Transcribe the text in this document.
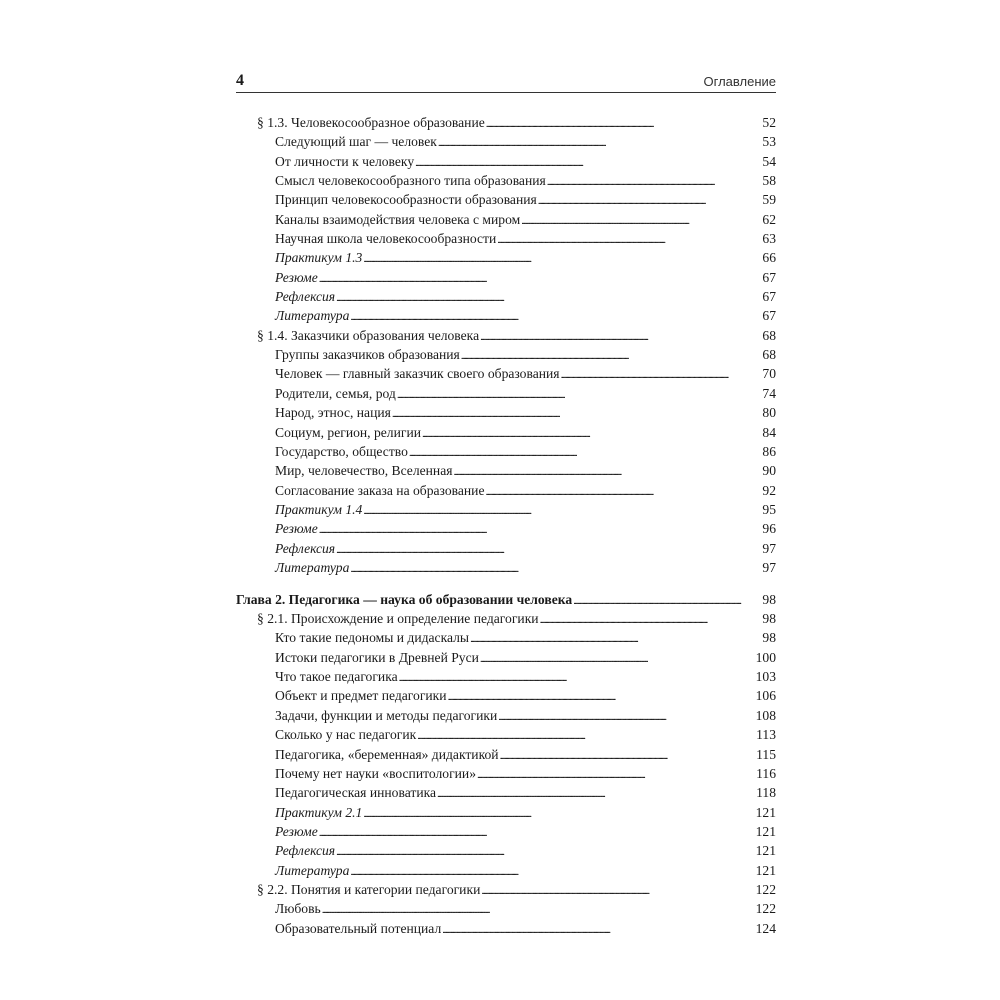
4	Оглавление
§ 1.3. Человекосообразное образование . . .	52
Следующий шаг — человек . . .	53
От личности к человеку . . .	54
Смысл человекосообразного типа образования . . .	58
Принцип человекосообразности образования . . .	59
Каналы взаимодействия человека с миром . . .	62
Научная школа человекосообразности . . .	63
Практикум 1.3 . . .	66
Резюме . . .	67
Рефлексия . . .	67
Литература . . .	67
§ 1.4. Заказчики образования человека . . .	68
Группы заказчиков образования . . .	68
Человек — главный заказчик своего образования . . .	70
Родители, семья, род . . .	74
Народ, этнос, нация . . .	80
Социум, регион, религии . . .	84
Государство, общество . . .	86
Мир, человечество, Вселенная . . .	90
Согласование заказа на образование . . .	92
Практикум 1.4 . . .	95
Резюме . . .	96
Рефлексия . . .	97
Литература . . .	97
Глава 2. Педагогика — наука об образовании человека . . .	98
§ 2.1. Происхождение и определение педагогики . . .	98
Кто такие педономы и дидаскалы . . .	98
Истоки педагогики в Древней Руси . . .	100
Что такое педагогика . . .	103
Объект и предмет педагогики . . .	106
Задачи, функции и методы педагогики . . .	108
Сколько у нас педагогик . . .	113
Педагогика, «беременная» дидактикой . . .	115
Почему нет науки «воспитологии» . . .	116
Педагогическая инноватика . . .	118
Практикум 2.1 . . .	121
Резюме . . .	121
Рефлексия . . .	121
Литература . . .	121
§ 2.2. Понятия и категории педагогики . . .	122
Любовь . . .	122
Образовательный потенциал . . .	124
